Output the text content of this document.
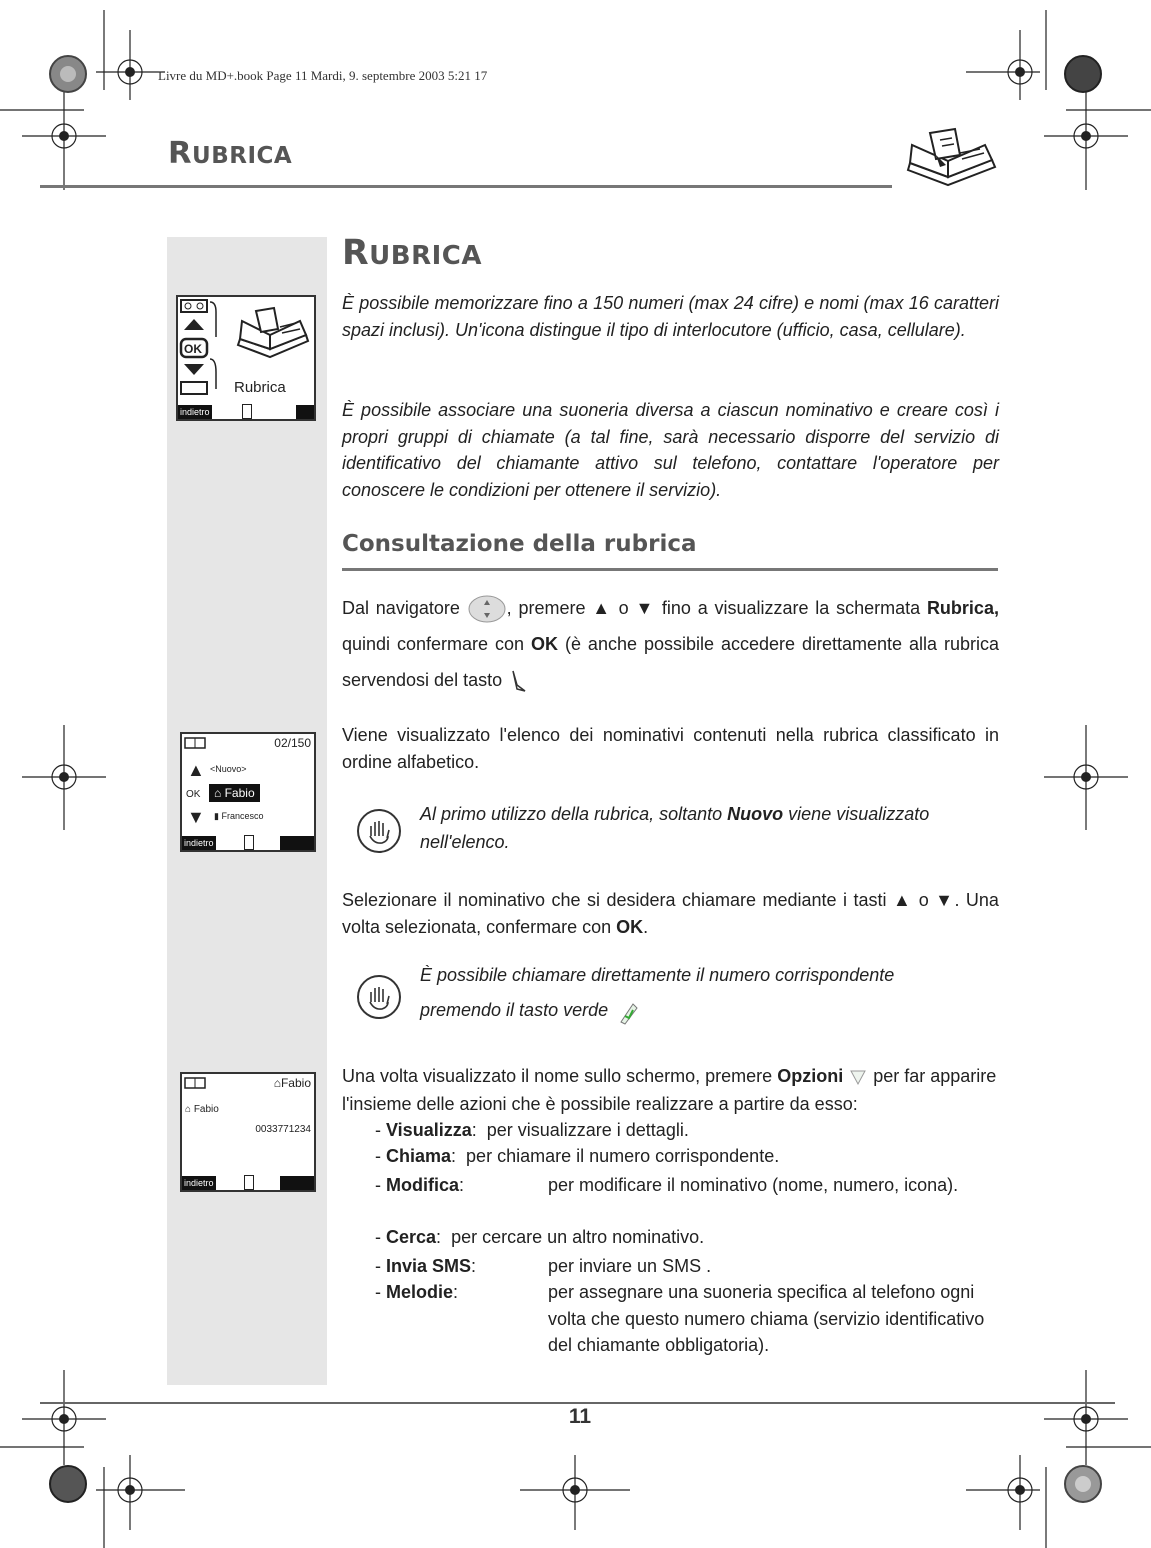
Livre du MD+.book Page 11 Mardi, 9. septembre 2003 5:21 17
RUBRICA
OK
Rubrica
indietro
RUBRICA

È possibile memorizzare fino a 150 numeri (max 24 cifre) e nomi (max 16 caratteri spazi inclusi). Un'icona distingue il tipo di interlocutore (ufficio, casa, cellulare).

È possibile associare una suoneria diversa a ciascun nominativo e creare così i propri gruppi di chiamate (a tal fine, sarà necessario disporre del servizio di identificativo del chiamante attivo sul telefono, contattare l'operatore per conoscere le condizioni per ottenere il servizio).

Consultazione della rubrica
Dal navigatore	, premere ▲ o ▼ fino a visualizzare la schermata Rubrica, quindi confermare con OK (è anche possibile accedere direttamente alla rubrica servendosi del tasto
02/150
▲ <Nuovo>
OK	⌂ Fabio
▼ ▮ Francesco
indietro

Viene visualizzato l'elenco dei nominativi contenuti nella rubrica classificato in ordine alfabetico.

Al primo utilizzo della rubrica, soltanto Nuovo viene visualizzato nell'elenco.
Selezionare il nominativo che si desidera chiamare mediante i tasti ▲ o ▼. Una volta selezionata, confermare con OK.
È possibile chiamare direttamente il numero corrispondente
premendo il tasto verde
⌂Fabio
⌂ Fabio
0033771234
indietro
Una volta visualizzato il nome sullo schermo, premere Opzioni per far apparire l'insieme delle azioni che è possibile realizzare a partire da esso:
- Visualizza:  per visualizzare i dettagli.
- Chiama:  per chiamare il numero corrispondente.
- Modifica:	per modificare il nominativo (nome, numero, icona).
- Cerca:  per cercare un altro nominativo.
- Invia SMS:	per inviare un SMS .
- Melodie:	per assegnare una suoneria specifica al telefono ogni volta che questo numero chiama (servizio identificativo del chiamante obbligatoria).
11
